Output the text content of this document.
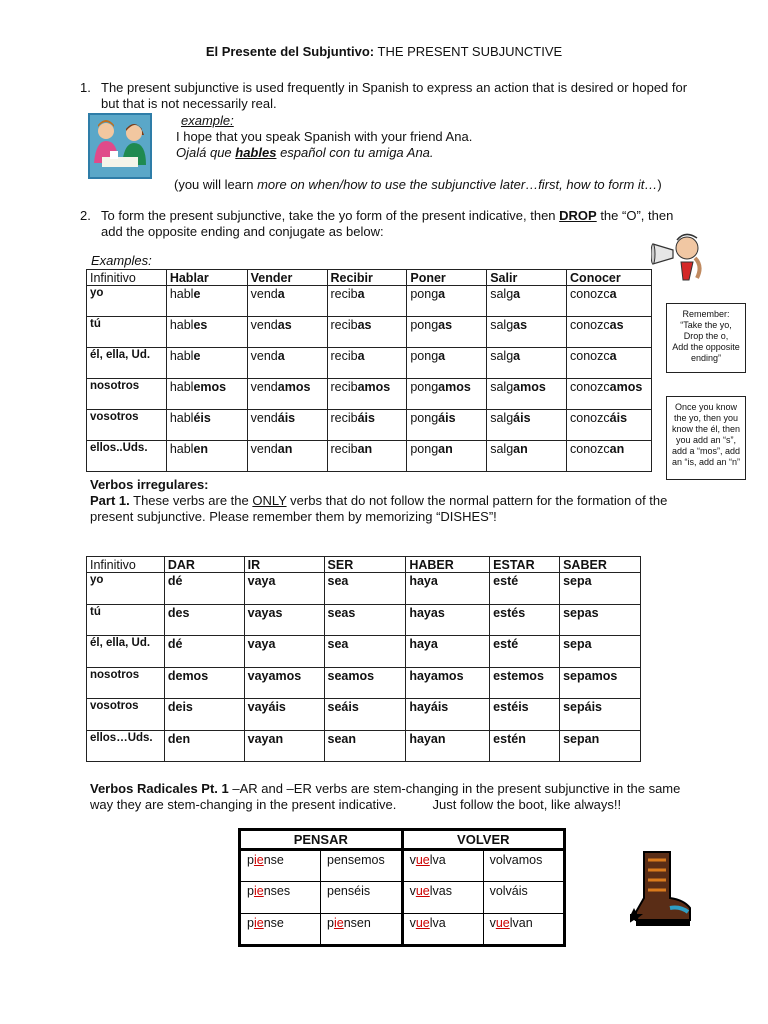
El Presente del Subjuntivo: THE PRESENT SUBJUNCTIVE
1. The present subjunctive is used frequently in Spanish to express an action that is desired or hoped for
but that is not necessarily real.
example:
I hope that you speak Spanish with your friend Ana.
Ojalá que hables español con tu amiga Ana.
(you will learn more on when/how to use the subjunctive later…first, how to form it…)
2. To form the present subjunctive, take the yo form of the present indicative, then DROP the “O”, then
add the opposite ending and conjugate as below:
Examples:
Infinitivo	Hablar	Vender	Recibir	Poner	Salir	Conocer
yo	hable	venda	reciba	ponga	salga	conozca
tú	hables	vendas	recibas	pongas	salgas	conozcas
él, ella, Ud.	hable	venda	reciba	ponga	salga	conozca
nosotros	hablemos	vendamos	recibamos	pongamos	salgamos	conozcamos
vosotros	habléis	vendáis	recibáis	pongáis	salgáis	conozcáis
ellos..Uds.	hablen	vendan	reciban	pongan	salgan	conozcan
Remember:
“Take the yo,
Drop the o,
Add the opposite
ending”
Once you know
the yo, then you
know the él, then
you add an “s”,
add a “mos”, add
an “is, add an “n”
Verbos irregulares:
Part 1. These verbs are the ONLY verbs that do not follow the normal pattern for the formation of the
present subjunctive. Please remember them by memorizing “DISHES”!
Infinitivo	DAR	IR	SER	HABER	ESTAR	SABER
yo	dé	vaya	sea	haya	esté	sepa
tú	des	vayas	seas	hayas	estés	sepas
él, ella, Ud.	dé	vaya	sea	haya	esté	sepa
nosotros	demos	vayamos	seamos	hayamos	estemos	sepamos
vosotros	deis	vayáis	seáis	hayáis	estéis	sepáis
ellos…Uds.	den	vayan	sean	hayan	estén	sepan
Verbos Radicales Pt. 1 –AR and –ER verbs are stem-changing in the present subjunctive in the same
way they are stem-changing in the present indicative.          Just follow the boot, like always!!
PENSAR		VOLVER	
piense	pensemos	vuelva	volvamos
pienses	penséis	vuelvas	volváis
piense	piensen	vuelva	vuelvan
